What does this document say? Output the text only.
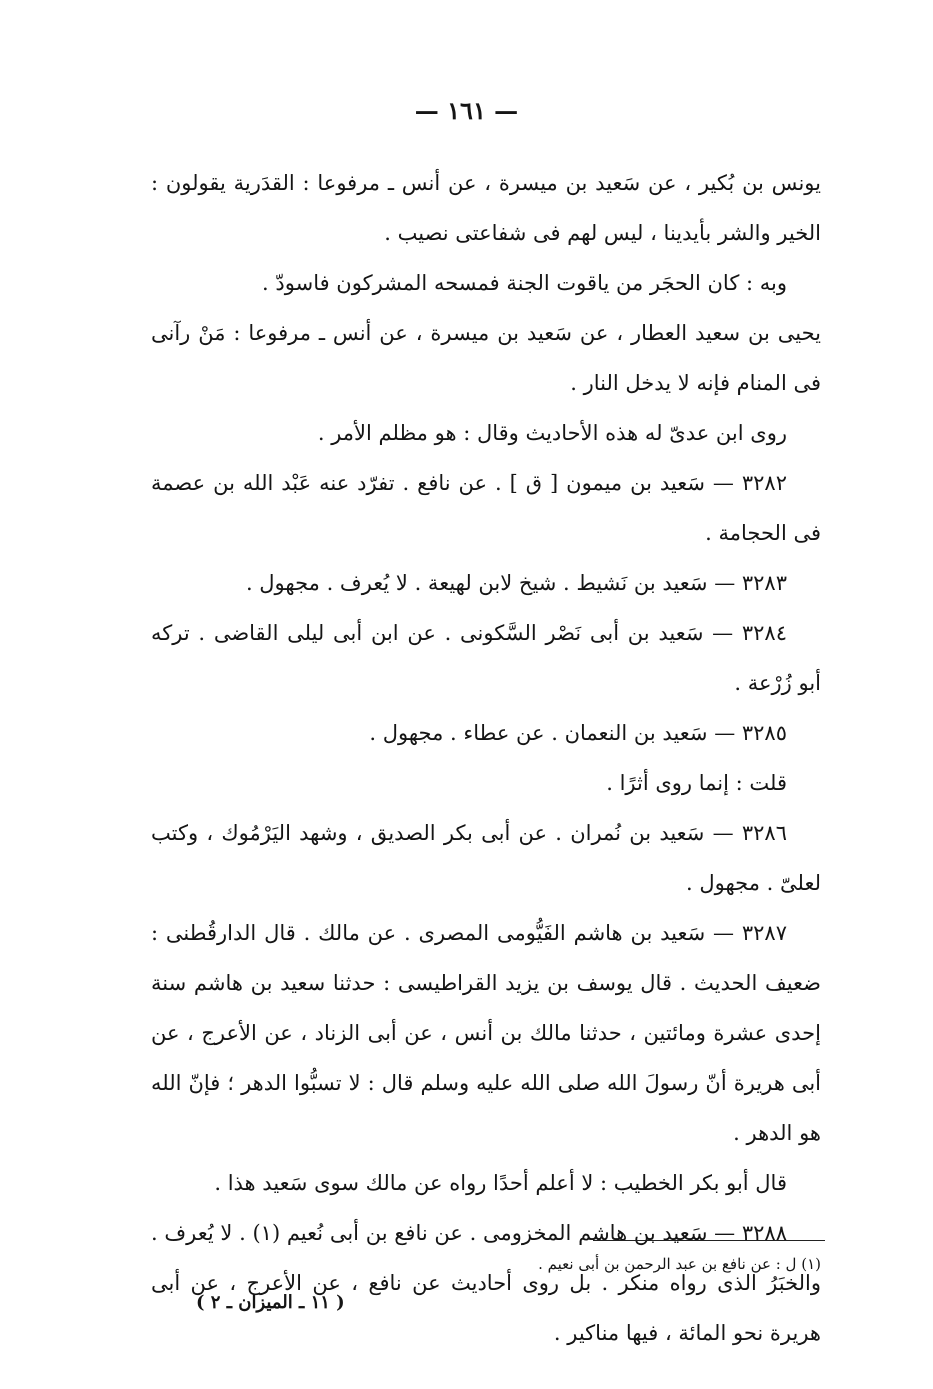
— ١٦١ —

يونس بن بُكير ، عن سَعيد بن ميسرة ، عن أنس ـ مرفوعا : القدَرية يقولون : الخير والشر بأيدينا ، ليس لهم فى شفاعتى نصيب .

وبه : كان الحجَر من ياقوت الجنة فمسحه المشركون فاسودّ .

يحيى بن سعيد العطار ، عن سَعيد بن ميسرة ، عن أنس ـ مرفوعا : مَنْ رآنى فى المنام فإنه لا يدخل النار .

روى ابن عدىّ له هذه الأحاديث وقال : هو مظلم الأمر .

٣٢٨٢ — سَعيد بن ميمون [ ق ] . عن نافع . تفرّد عنه عَبْد الله بن عصمة فى الحجامة .

٣٢٨٣ — سَعيد بن نَشيط . شيخ لابن لهيعة . لا يُعرف . مجهول .

٣٢٨٤ — سَعيد بن أبى نَصْر السَّكونى . عن ابن أبى ليلى القاضى . تركه أبو زُرْعة .

٣٢٨٥ — سَعيد بن النعمان . عن عطاء . مجهول .

قلت : إنما روى أثرًا .

٣٢٨٦ — سَعيد بن نُمران . عن أبى بكر الصديق ، وشهد اليَرْمُوك ، وكتب لعلىّ . مجهول .

٣٢٨٧ — سَعيد بن هاشم الفَيُّومى المصرى . عن مالك . قال الدارقُطنى : ضعيف الحديث . قال يوسف بن يزيد القراطيسى : حدثنا سعيد بن هاشم سنة إحدى عشرة ومائتين ، حدثنا مالك بن أنس ، عن أبى الزناد ، عن الأعرج ، عن أبى هريرة أنّ رسولَ الله صلى الله عليه وسلم قال : لا تسبُّوا الدهر ؛ فإنّ الله هو الدهر .

قال أبو بكر الخطيب : لا أعلم أحدًا رواه عن مالك سوى سَعيد هذا .

٣٢٨٨ — سَعيد بن هاشم المخزومى . عن نافع بن أبى نُعيم (١) . لا يُعرف . والخبَرُ الذى رواه منكر . بل روى أحاديث عن نافع ، عن الأعرج ، عن أبى هريرة نحو المائة ، فيها مناكير .

(١) ل : عن نافع بن عبد الرحمن بن أبى نعيم .
( ١١ ـ الميزان ـ ٢ )
